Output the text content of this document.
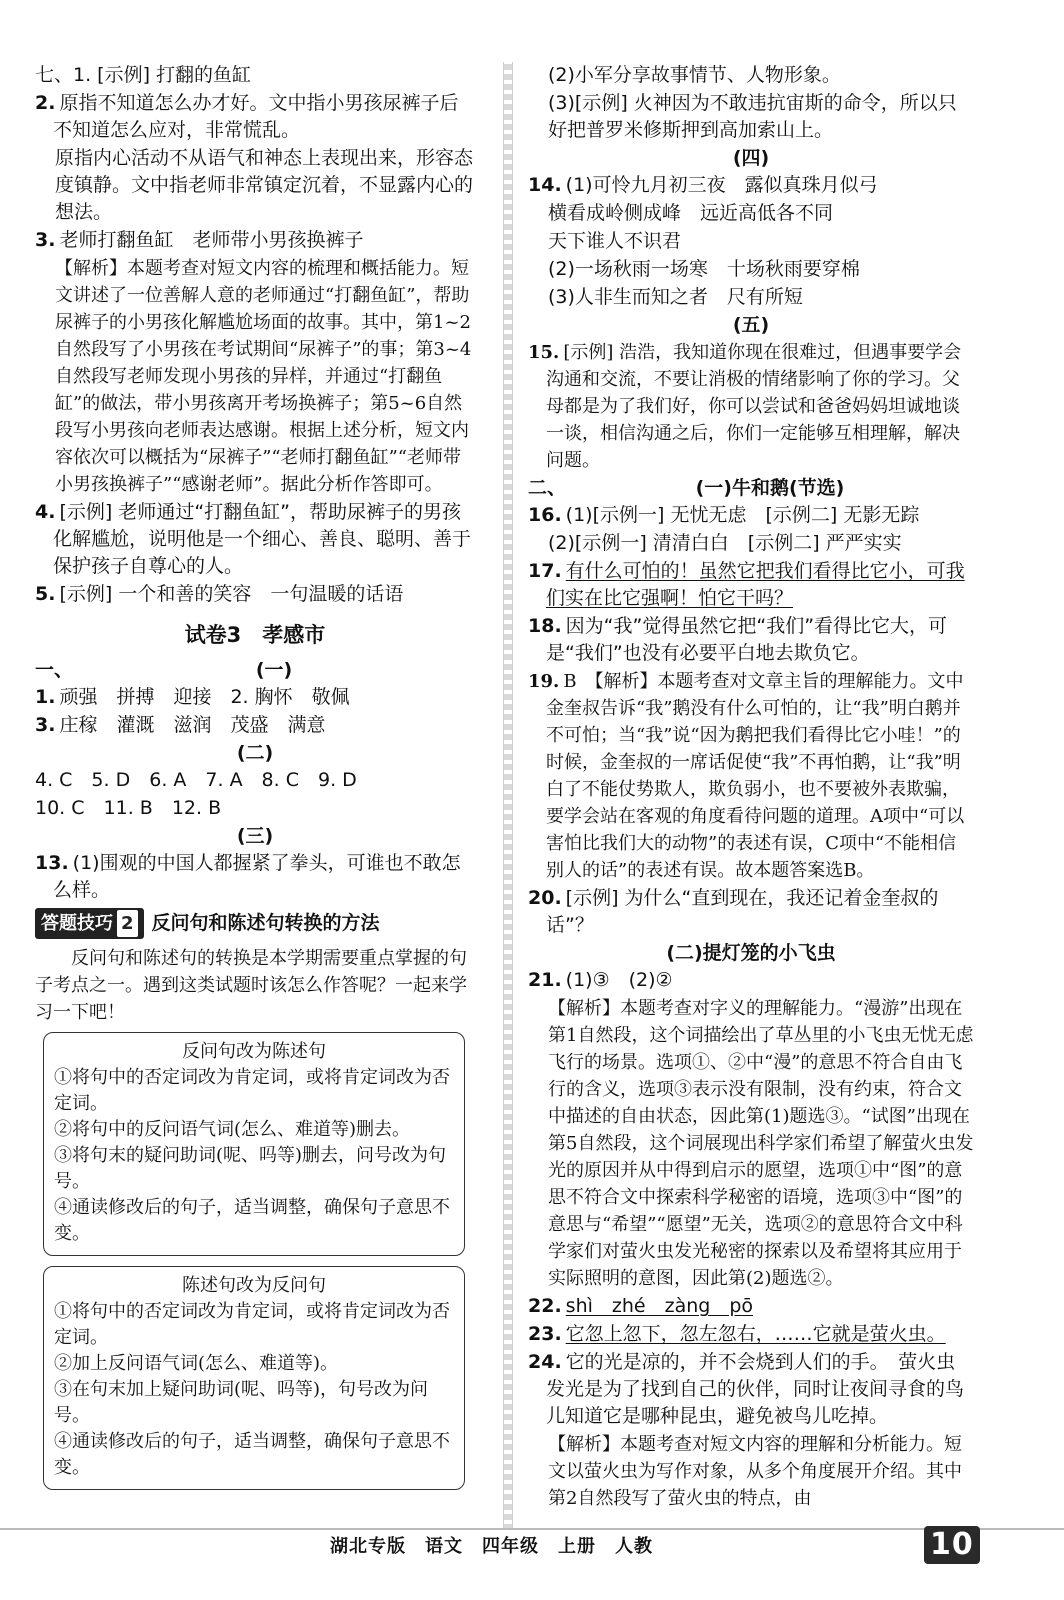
七、1. [示例] 打翻的鱼缸

2. 原指不知道怎么办才好。文中指小男孩尿裤子后不知道怎么应对，非常慌乱。

原指内心活动不从语气和神态上表现出来，形容态度镇静。文中指老师非常镇定沉着，不显露内心的想法。

3. 老师打翻鱼缸　老师带小男孩换裤子

【解析】本题考查对短文内容的梳理和概括能力。短文讲述了一位善解人意的老师通过“打翻鱼缸”，帮助尿裤子的小男孩化解尴尬场面的故事。其中，第1~2自然段写了小男孩在考试期间“尿裤子”的事；第3~4自然段写老师发现小男孩的异样，并通过“打翻鱼缸”的做法，带小男孩离开考场换裤子；第5~6自然段写小男孩向老师表达感谢。根据上述分析，短文内容依次可以概括为“尿裤子”“老师打翻鱼缸”“老师带小男孩换裤子”“感谢老师”。据此分析作答即可。

4. [示例] 老师通过“打翻鱼缸”，帮助尿裤子的男孩化解尴尬，说明他是一个细心、善良、聪明、善于保护孩子自尊心的人。

5. [示例] 一个和善的笑容　一句温暖的话语

试卷3　孝感市
一、	(一)

1. 顽强　拼搏　迎接　2. 胸怀　敬佩

3. 庄稼　灌溉　滋润　茂盛　满意

(二)

4. C　5. D　6. A　7. A　8. C　9. D

10. C　11. B　12. B

(三)

13. (1)围观的中国人都握紧了拳头，可谁也不敢怎么样。

答题技巧 2 反问句和陈述句转换的方法
反问句和陈述句的转换是本学期需要重点掌握的句子考点之一。遇到这类试题时该怎么作答呢？一起来学习一下吧！
反问句改为陈述句
①将句中的否定词改为肯定词，或将肯定词改为否定词。
②将句中的反问语气词(怎么、难道等)删去。
③将句末的疑问助词(呢、吗等)删去，问号改为句号。
④通读修改后的句子，适当调整，确保句子意思不变。
陈述句改为反问句
①将句中的否定词改为肯定词，或将肯定词改为否定词。
②加上反问语气词(怎么、难道等)。
③在句末加上疑问助词(呢、吗等)，句号改为问号。
④通读修改后的句子，适当调整，确保句子意思不变。

(2)小军分享故事情节、人物形象。

(3)[示例] 火神因为不敢违抗宙斯的命令，所以只好把普罗米修斯押到高加索山上。

(四)

14. (1)可怜九月初三夜　露似真珠月似弓

横看成岭侧成峰　远近高低各不同

天下谁人不识君

(2)一场秋雨一场寒　十场秋雨要穿棉

(3)人非生而知之者　尺有所短

(五)

15. [示例] 浩浩，我知道你现在很难过，但遇事要学会沟通和交流，不要让消极的情绪影响了你的学习。父母都是为了我们好，你可以尝试和爸爸妈妈坦诚地谈一谈，相信沟通之后，你们一定能够互相理解，解决问题。

二、	(一)牛和鹅(节选)

16. (1)[示例一] 无忧无虑　[示例二] 无影无踪

(2)[示例一] 清清白白　[示例二] 严严实实

17. 有什么可怕的！虽然它把我们看得比它小，可我们实在比它强啊！怕它干吗？

18. 因为“我”觉得虽然它把“我们”看得比它大，可是“我们”也没有必要平白地去欺负它。

19. B　【解析】本题考查对文章主旨的理解能力。文中金奎叔告诉“我”鹅没有什么可怕的，让“我”明白鹅并不可怕；当“我”说“因为鹅把我们看得比它小哇！”的时候，金奎叔的一席话促使“我”不再怕鹅，让“我”明白了不能仗势欺人，欺负弱小，也不要被外表欺骗，要学会站在客观的角度看待问题的道理。A项中“可以害怕比我们大的动物”的表述有误，C项中“不能相信别人的话”的表述有误。故本题答案选B。

20. [示例] 为什么“直到现在，我还记着金奎叔的话”？

(二)提灯笼的小飞虫

21. (1)③　(2)②

【解析】本题考查对字义的理解能力。“漫游”出现在第1自然段，这个词描绘出了草丛里的小飞虫无忧无虑飞行的场景。选项①、②中“漫”的意思不符合自由飞行的含义，选项③表示没有限制，没有约束，符合文中描述的自由状态，因此第(1)题选③。“试图”出现在第5自然段，这个词展现出科学家们希望了解萤火虫发光的原因并从中得到启示的愿望，选项①中“图”的意思不符合文中探索科学秘密的语境，选项③中“图”的意思与“希望”“愿望”无关，选项②的意思符合文中科学家们对萤火虫发光秘密的探索以及希望将其应用于实际照明的意图，因此第(2)题选②。

22. shì　zhé　zàng　pō

23. 它忽上忽下，忽左忽右，……它就是萤火虫。

24. 它的光是凉的，并不会烧到人们的手。　萤火虫发光是为了找到自己的伙伴，同时让夜间寻食的鸟儿知道它是哪种昆虫，避免被鸟儿吃掉。

【解析】本题考查对短文内容的理解和分析能力。短文以萤火虫为写作对象，从多个角度展开介绍。其中第2自然段写了萤火虫的特点，由

湖北专版　语文　四年级　上册　人教	10
